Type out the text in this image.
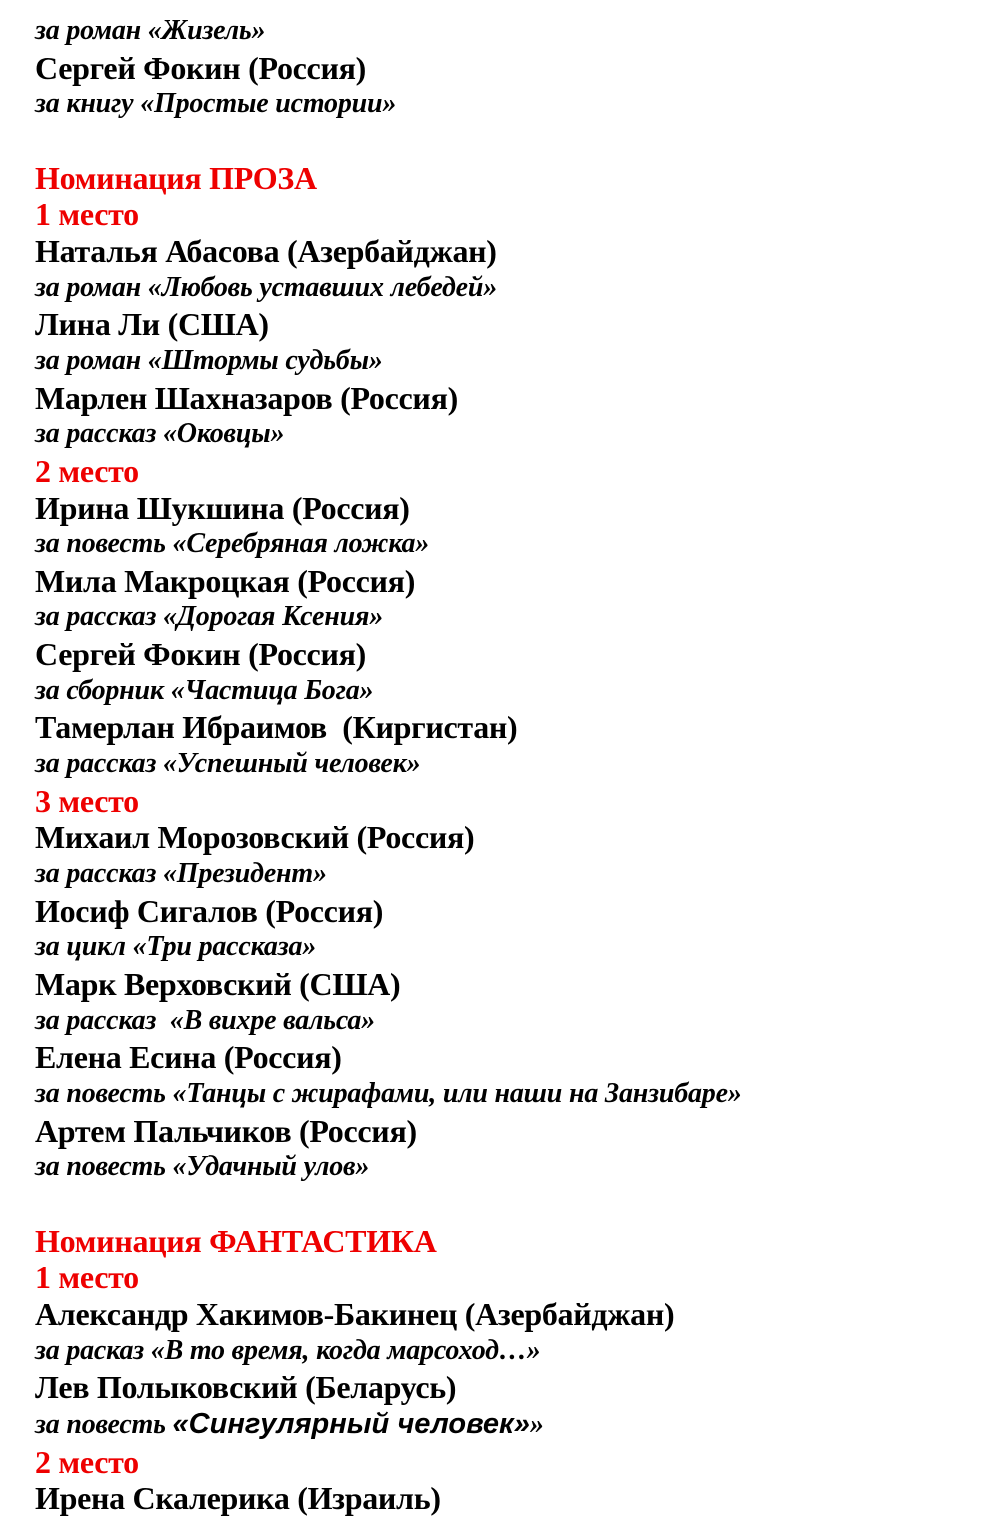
за роман «Жизель»
Сергей Фокин (Россия)
за книгу «Простые истории»
Номинация ПРОЗА
1 место
Наталья Абасова (Азербайджан)
за роман «Любовь уставших лебедей»
Лина Ли (США)
за роман «Штормы судьбы»
Марлен Шахназаров (Россия)
за рассказ «Оковцы»
2 место
Ирина Шукшина (Россия)
за повесть «Серебряная ложка»
Мила Макроцкая (Россия)
за рассказ «Дорогая Ксения»
Сергей Фокин (Россия)
за сборник «Частица Бога»
Тамерлан Ибраимов  (Киргистан)
за рассказ «Успешный человек»
3 место
Михаил Морозовский (Россия)
за рассказ «Президент»
Иосиф Сигалов (Россия)
за цикл «Три рассказа»
Марк Верховский (США)
за рассказ  «В вихре вальса»
Елена Есина (Россия)
за повесть «Танцы с жирафами, или наши на Занзибаре»
Артем Пальчиков (Россия)
за повесть «Удачный улов»
Номинация ФАНТАСТИКА
1 место
Александр Хакимов-Бакинец (Азербайджан)
за расказ «В то время, когда марсоход…»
Лев Полыковский (Беларусь)
за повесть «Сингулярный человек»»
2 место
Ирена Скалерика (Израиль)
